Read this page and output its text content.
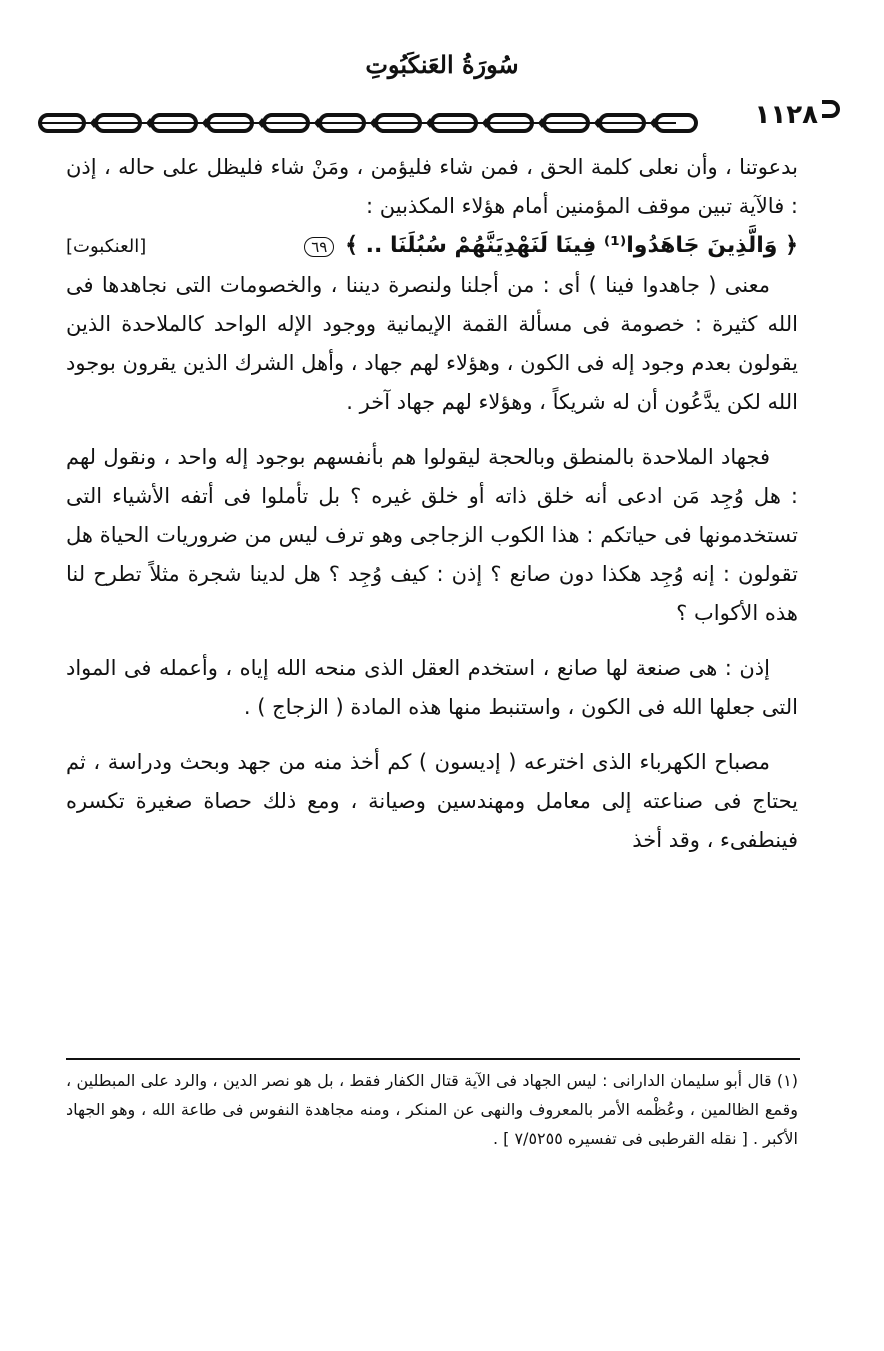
سُورَةُ العَنكَبُوتِ
١١٢٨

بدعوتنا ، وأن نعلى كلمة الحق ، فمن شاء فليؤمن ، ومَنْ شاء فليظل على حاله ، إذن : فالآية تبين موقف المؤمنين أمام هؤلاء المكذبين :

﴿ وَالَّذِينَ جَاهَدُوا⁽¹⁾ فِينَا لَنَهْدِيَنَّهُمْ سُبُلَنَا .. ﴾ ٦٩
[العنكبوت]

معنى ( جاهدوا فينا ) أى : من أجلنا ولنصرة ديننا ، والخصومات التى نجاهدها فى الله كثيرة : خصومة فى مسألة القمة الإيمانية ووجود الإله الواحد كالملاحدة الذين يقولون بعدم وجود إله فى الكون ، وهؤلاء لهم جهاد ، وأهل الشرك الذين يقرون بوجود الله لكن يدَّعُون أن له شريكاً ، وهؤلاء لهم جهاد آخر .

فجهاد الملاحدة بالمنطق وبالحجة ليقولوا هم بأنفسهم بوجود إله واحد ، ونقول لهم : هل وُجِد مَن ادعى أنه خلق ذاته أو خلق غيره ؟ بل تأملوا فى أتفه الأشياء التى تستخدمونها فى حياتكم : هذا الكوب الزجاجى وهو ترف ليس من ضروريات الحياة هل تقولون : إنه وُجِد هكذا دون صانع ؟ إذن : كيف وُجِد ؟ هل لدينا شجرة مثلاً تطرح لنا هذه الأكواب ؟

إذن : هى صنعة لها صانع ، استخدم العقل الذى منحه الله إياه ، وأعمله فى المواد التى جعلها الله فى الكون ، واستنبط منها هذه المادة ( الزجاج ) .

مصباح الكهرباء الذى اخترعه ( إديسون ) كم أخذ منه من جهد وبحث ودراسة ، ثم يحتاج فى صناعته إلى معامل ومهندسين وصيانة ، ومع ذلك حصاة صغيرة تكسره فينطفىء ، وقد أخذ

(١) قال أبو سليمان الدارانى : ليس الجهاد فى الآية قتال الكفار فقط ، بل هو نصر الدين ، والرد على المبطلين ، وقمع الظالمين ، وعُظْمه الأمر بالمعروف والنهى عن المنكر ، ومنه مجاهدة النفوس فى طاعة الله ، وهو الجهاد الأكبر . [ نقله القرطبى فى تفسيره ٧/٥٢٥٥ ] .
